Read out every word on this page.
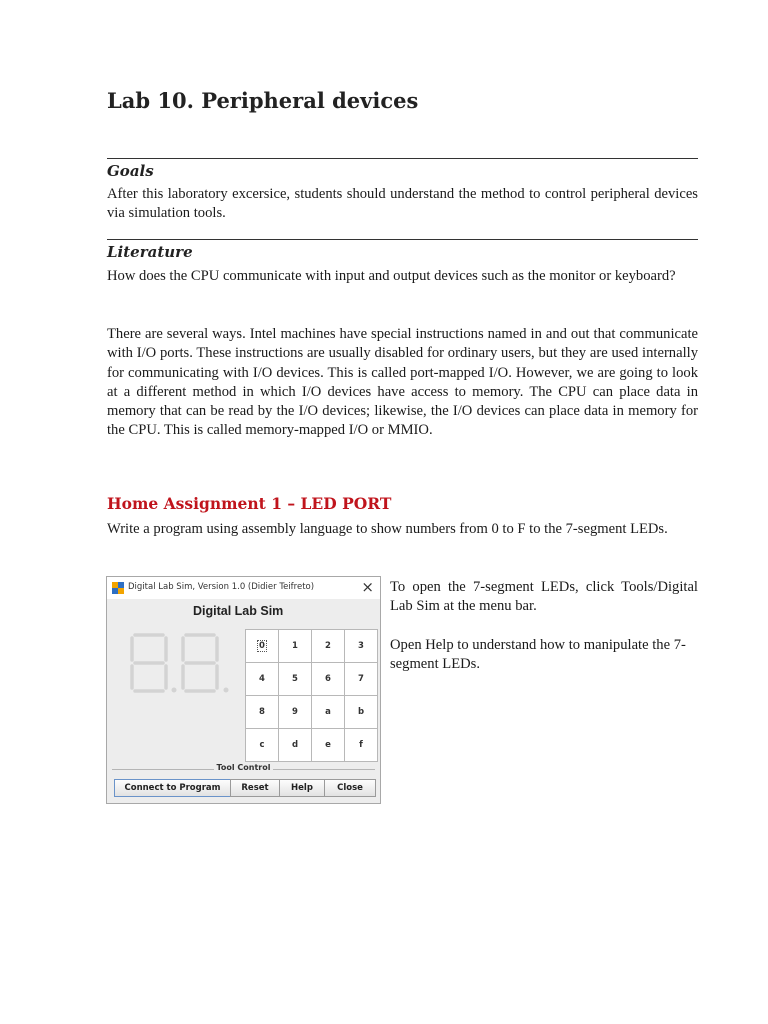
Lab 10. Peripheral devices
Goals

After this laboratory excersice, students should understand the method to control peripheral devices via simulation tools.

Literature

How does the CPU communicate with input and output devices such as the monitor or keyboard?

There are several ways. Intel machines have special instructions named in and out that communicate with I/O ports. These instructions are usually disabled for ordinary users, but they are used internally for communicating with I/O devices. This is called port-mapped I/O. However, we are going to look at a different method in which I/O devices have access to memory. The CPU can place data in memory that can be read by the I/O devices; likewise, the I/O devices can place data in memory for the CPU. This is called memory-mapped I/O or MMIO.

Home Assignment 1 – LED PORT

Write a program using assembly language to show numbers from 0 to F to the 7-segment LEDs.

To open the 7-segment LEDs, click Tools/Digital Lab Sim at the menu bar.

Open Help to understand how to manipulate the 7-segment LEDs.

Digital Lab Sim, Version 1.0 (Didier Teifreto)	×
Digital Lab Sim
0	1	2	3
4	5	6	7
8	9	a	b
c	d	e	f
Tool Control
Connect to Program	Reset	Help	Close
